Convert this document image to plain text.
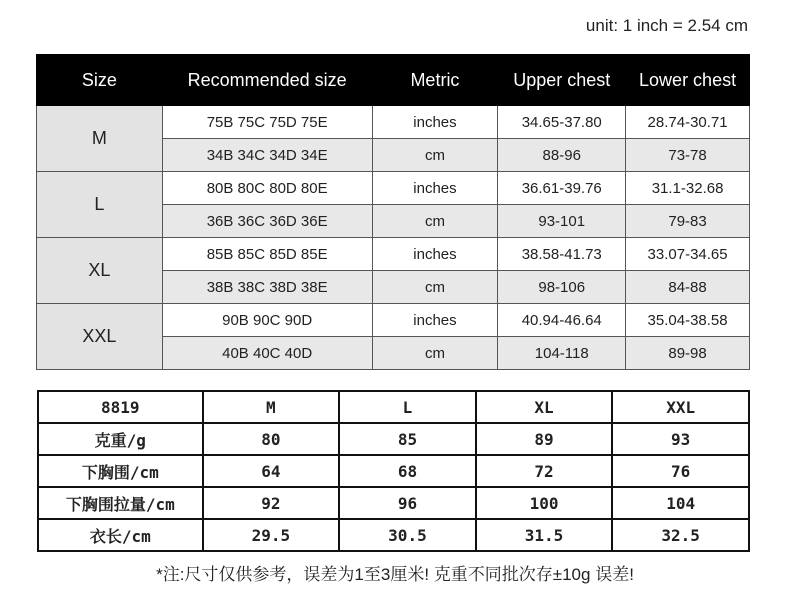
unit: 1 inch = 2.54 cm
Size	Recommended size	Metric	Upper chest	Lower chest
M	75B 75C 75D 75E	inches	34.65-37.80	28.74-30.71
	34B 34C 34D 34E	cm	88-96	73-78
L	80B 80C 80D 80E	inches	36.61-39.76	31.1-32.68
	36B 36C 36D 36E	cm	93-101	79-83
XL	85B 85C 85D 85E	inches	38.58-41.73	33.07-34.65
	38B 38C 38D 38E	cm	98-106	84-88
XXL	90B 90C 90D	inches	40.94-46.64	35.04-38.58
	40B 40C 40D	cm	104-118	89-98
8819	M	L	XL	XXL
克重/g	80	85	89	93
下胸围/cm	64	68	72	76
下胸围拉量/cm	92	96	100	104
衣长/cm	29.5	30.5	31.5	32.5
*注:尺寸仅供参考，误差为1至3厘米! 克重不同批次存±10g 误差!
